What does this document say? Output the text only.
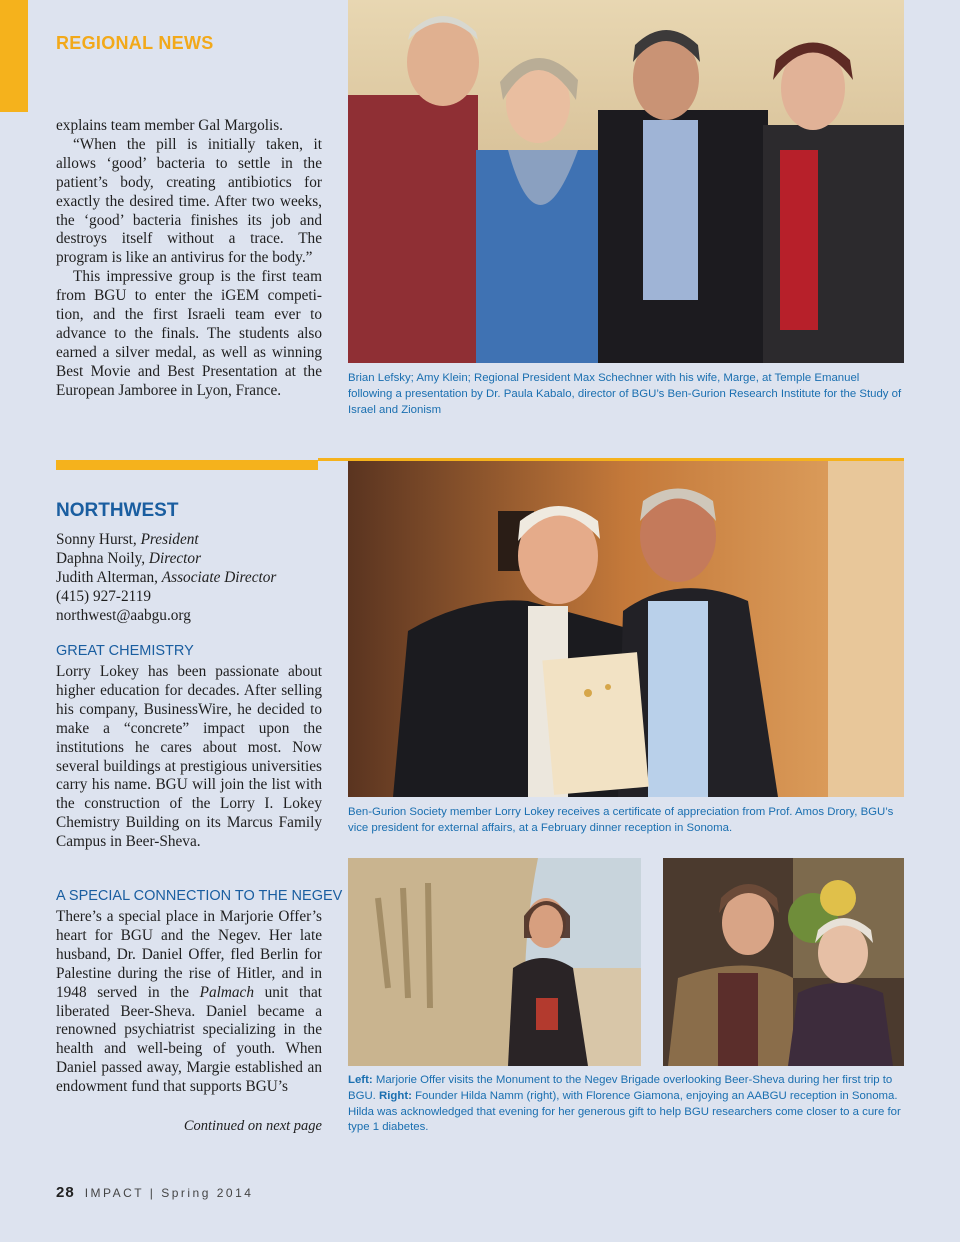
REGIONAL NEWS

explains team member Gal Margolis.

“When the pill is initially taken, it allows ‘good’ bacteria to settle in the patient’s body, creating antibiotics for exactly the desired time. After two weeks, the ‘good’ bacteria finishes its job and destroys itself without a trace. The program is like an antivirus for the body.”

This impressive group is the first team from BGU to enter the iGEM competi-tion, and the first Israeli team ever to advance to the finals. The students also earned a silver medal, as well as winning Best Movie and Best Presentation at the European Jamboree in Lyon, France.

NORTHWEST
Sonny Hurst, President
Daphna Noily, Director
Judith Alterman, Associate Director
(415) 927-2119
northwest@aabgu.org
GREAT CHEMISTRY

Lorry Lokey has been passionate about higher education for decades. After selling his company, BusinessWire, he decided to make a “concrete” impact upon the institutions he cares about most. Now several buildings at prestigious universities carry his name. BGU will join the list with the construction of the Lorry I. Lokey Chemistry Building on its Marcus Family Campus in Beer-Sheva.

A SPECIAL CONNECTION TO THE NEGEV

There’s a special place in Marjorie Offer’s heart for BGU and the Negev. Her late husband, Dr. Daniel Offer, fled Berlin for Palestine during the rise of Hitler, and in 1948 served in the Palmach unit that liberated Beer-Sheva. Daniel became a renowned psychiatrist specializing in the health and well-being of youth. When Daniel passed away, Margie established an endowment fund that supports BGU’s

Continued on next page
Brian Lefsky; Amy Klein; Regional President Max Schechner with his wife, Marge, at Temple Emanuel following a presentation by Dr. Paula Kabalo, director of BGU’s Ben-Gurion Research Institute for the Study of Israel and Zionism
Ben-Gurion Society member Lorry Lokey receives a certificate of appreciation from Prof. Amos Drory, BGU’s vice president for external affairs, at a February dinner reception in Sonoma.
Left: Marjorie Offer visits the Monument to the Negev Brigade overlooking Beer-Sheva during her first trip to BGU. Right: Founder Hilda Namm (right), with Florence Giamona, enjoying an AABGU reception in Sonoma. Hilda was acknowledged that evening for her generous gift to help BGU researchers come closer to a cure for type 1 diabetes.
28 IMPACT | Spring 2014
